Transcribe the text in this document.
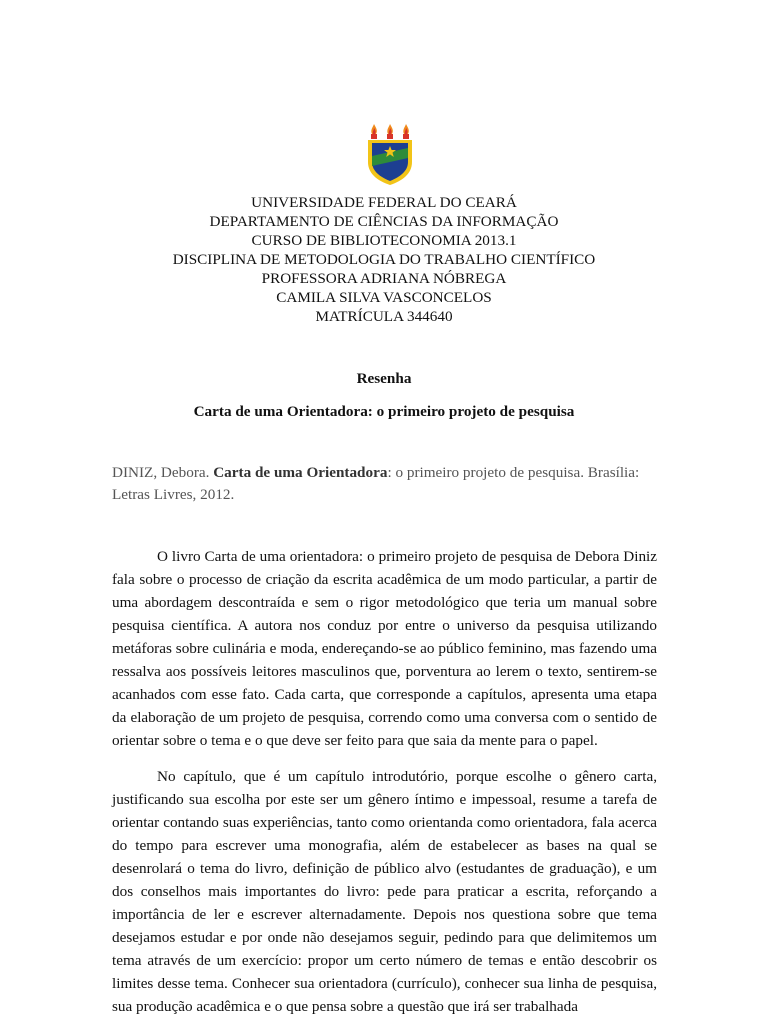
UNIVERSIDADE FEDERAL DO CEARÁ
DEPARTAMENTO DE CIÊNCIAS DA INFORMAÇÃO
CURSO DE BIBLIOTECONOMIA 2013.1
DISCIPLINA DE METODOLOGIA DO TRABALHO CIENTÍFICO
PROFESSORA ADRIANA NÓBREGA
CAMILA SILVA VASCONCELOS
MATRÍCULA 344640
Resenha
Carta de uma Orientadora: o primeiro projeto de pesquisa
DINIZ, Debora. Carta de uma Orientadora: o primeiro projeto de pesquisa. Brasília: Letras Livres, 2012.

O livro Carta de uma orientadora: o primeiro projeto de pesquisa de Debora Diniz fala sobre o processo de criação da escrita acadêmica de um modo particular, a partir de uma abordagem descontraída e sem o rigor metodológico que teria um manual sobre pesquisa científica. A autora nos conduz por entre o universo da pesquisa utilizando metáforas sobre culinária e moda, endereçando-se ao público feminino, mas fazendo uma ressalva aos possíveis leitores masculinos que, porventura ao lerem o texto, sentirem-se acanhados com esse fato. Cada carta, que corresponde a capítulos, apresenta uma etapa da elaboração de um projeto de pesquisa, correndo como uma conversa com o sentido de orientar sobre o tema e o que deve ser feito para que saia da mente para o papel.

No capítulo, que é um capítulo introdutório, porque escolhe o gênero carta, justificando sua escolha por este ser um gênero íntimo e impessoal, resume a tarefa de orientar contando suas experiências, tanto como orientanda como orientadora, fala acerca do tempo para escrever uma monografia, além de estabelecer as bases na qual se desenrolará o tema do livro, definição de público alvo (estudantes de graduação), e um dos conselhos mais importantes do livro: pede para praticar a escrita, reforçando a importância de ler e escrever alternadamente. Depois nos questiona sobre que tema desejamos estudar e por onde não desejamos seguir, pedindo para que delimitemos um tema através de um exercício: propor um certo número de temas e então descobrir os limites desse tema. Conhecer sua orientadora (currículo), conhecer sua linha de pesquisa, sua produção acadêmica e o que pensa sobre a questão que irá ser trabalhada
